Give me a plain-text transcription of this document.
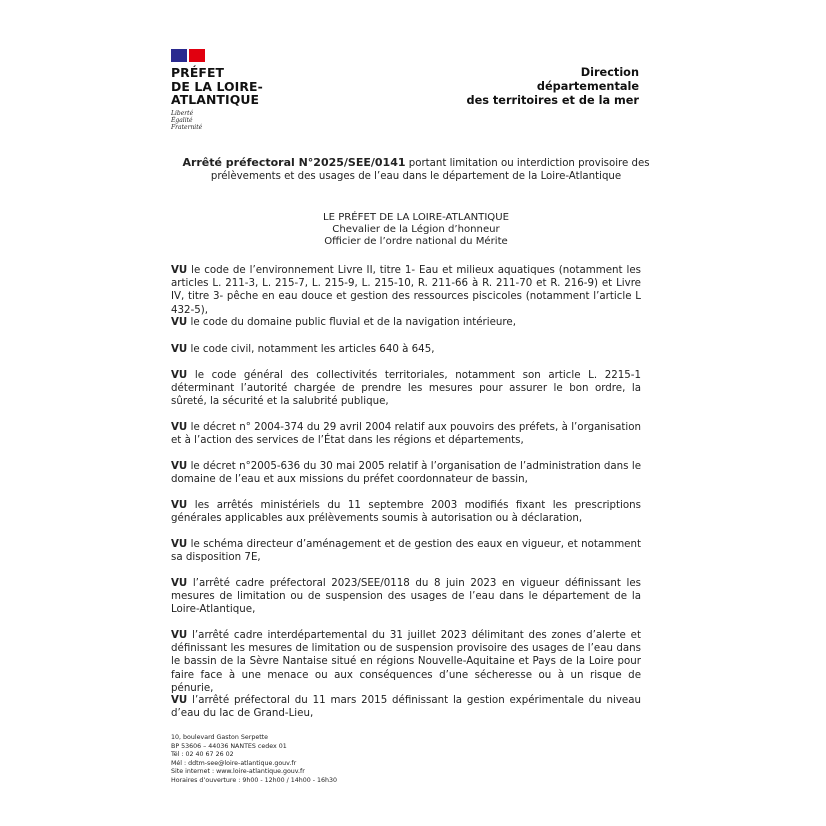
PRÉFET
DE LA LOIRE-
ATLANTIQUE
Liberté
Égalité
Fraternité
Direction
départementale
des territoires et de la mer
Arrêté préfectoral N°2025/SEE/0141 portant limitation ou interdiction provisoire des
prélèvements et des usages de l’eau dans le département de la Loire-Atlantique
LE PRÉFET DE LA LOIRE-ATLANTIQUE
Chevalier de la Légion d’honneur
Officier de l’ordre national du Mérite
VU le code de l’environnement Livre II, titre 1- Eau et milieux aquatiques (notamment les articles L. 211-3, L. 215-7, L. 215-9, L. 215-10, R. 211-66 à R. 211-70 et R. 216-9) et Livre IV, titre 3- pêche en eau douce et gestion des ressources piscicoles (notamment l’article L 432-5),
VU le code du domaine public fluvial et de la navigation intérieure,
VU le code civil, notamment les articles 640 à 645,
VU le code général des collectivités territoriales, notamment son article L. 2215-1 déterminant l’autorité chargée de prendre les mesures pour assurer le bon ordre, la sûreté, la sécurité et la salubrité publique,
VU le décret n° 2004-374 du 29 avril 2004 relatif aux pouvoirs des préfets, à l’organisation et à l’action des services de l’État dans les régions et départements,
VU le décret n°2005-636 du 30 mai 2005 relatif à l’organisation de l’administration dans le domaine de l’eau et aux missions du préfet coordonnateur de bassin,
VU les arrêtés ministériels du 11 septembre 2003 modifiés fixant les prescriptions générales applicables aux prélèvements soumis à autorisation ou à déclaration,
VU le schéma directeur d’aménagement et de gestion des eaux en vigueur, et notamment sa disposition 7E,
VU l’arrêté cadre préfectoral 2023/SEE/0118 du 8 juin 2023 en vigueur définissant les mesures de limitation ou de suspension des usages de l’eau dans le département de la Loire-Atlantique,
VU l’arrêté cadre interdépartemental du 31 juillet 2023 délimitant des zones d’alerte et définissant les mesures de limitation ou de suspension provisoire des usages de l’eau dans le bassin de la Sèvre Nantaise situé en régions Nouvelle-Aquitaine et Pays de la Loire pour faire face à une menace ou aux conséquences d’une sécheresse ou à un risque de pénurie,
VU l’arrêté préfectoral du 11 mars 2015 définissant la gestion expérimentale du niveau d’eau du lac de Grand-Lieu,
10, boulevard Gaston Serpette
BP 53606 – 44036 NANTES cedex 01
Tél : 02 40 67 26 02
Mél : ddtm-see@loire-atlantique.gouv.fr
Site internet : www.loire-atlantique.gouv.fr
Horaires d’ouverture : 9h00 - 12h00 / 14h00 - 16h30
